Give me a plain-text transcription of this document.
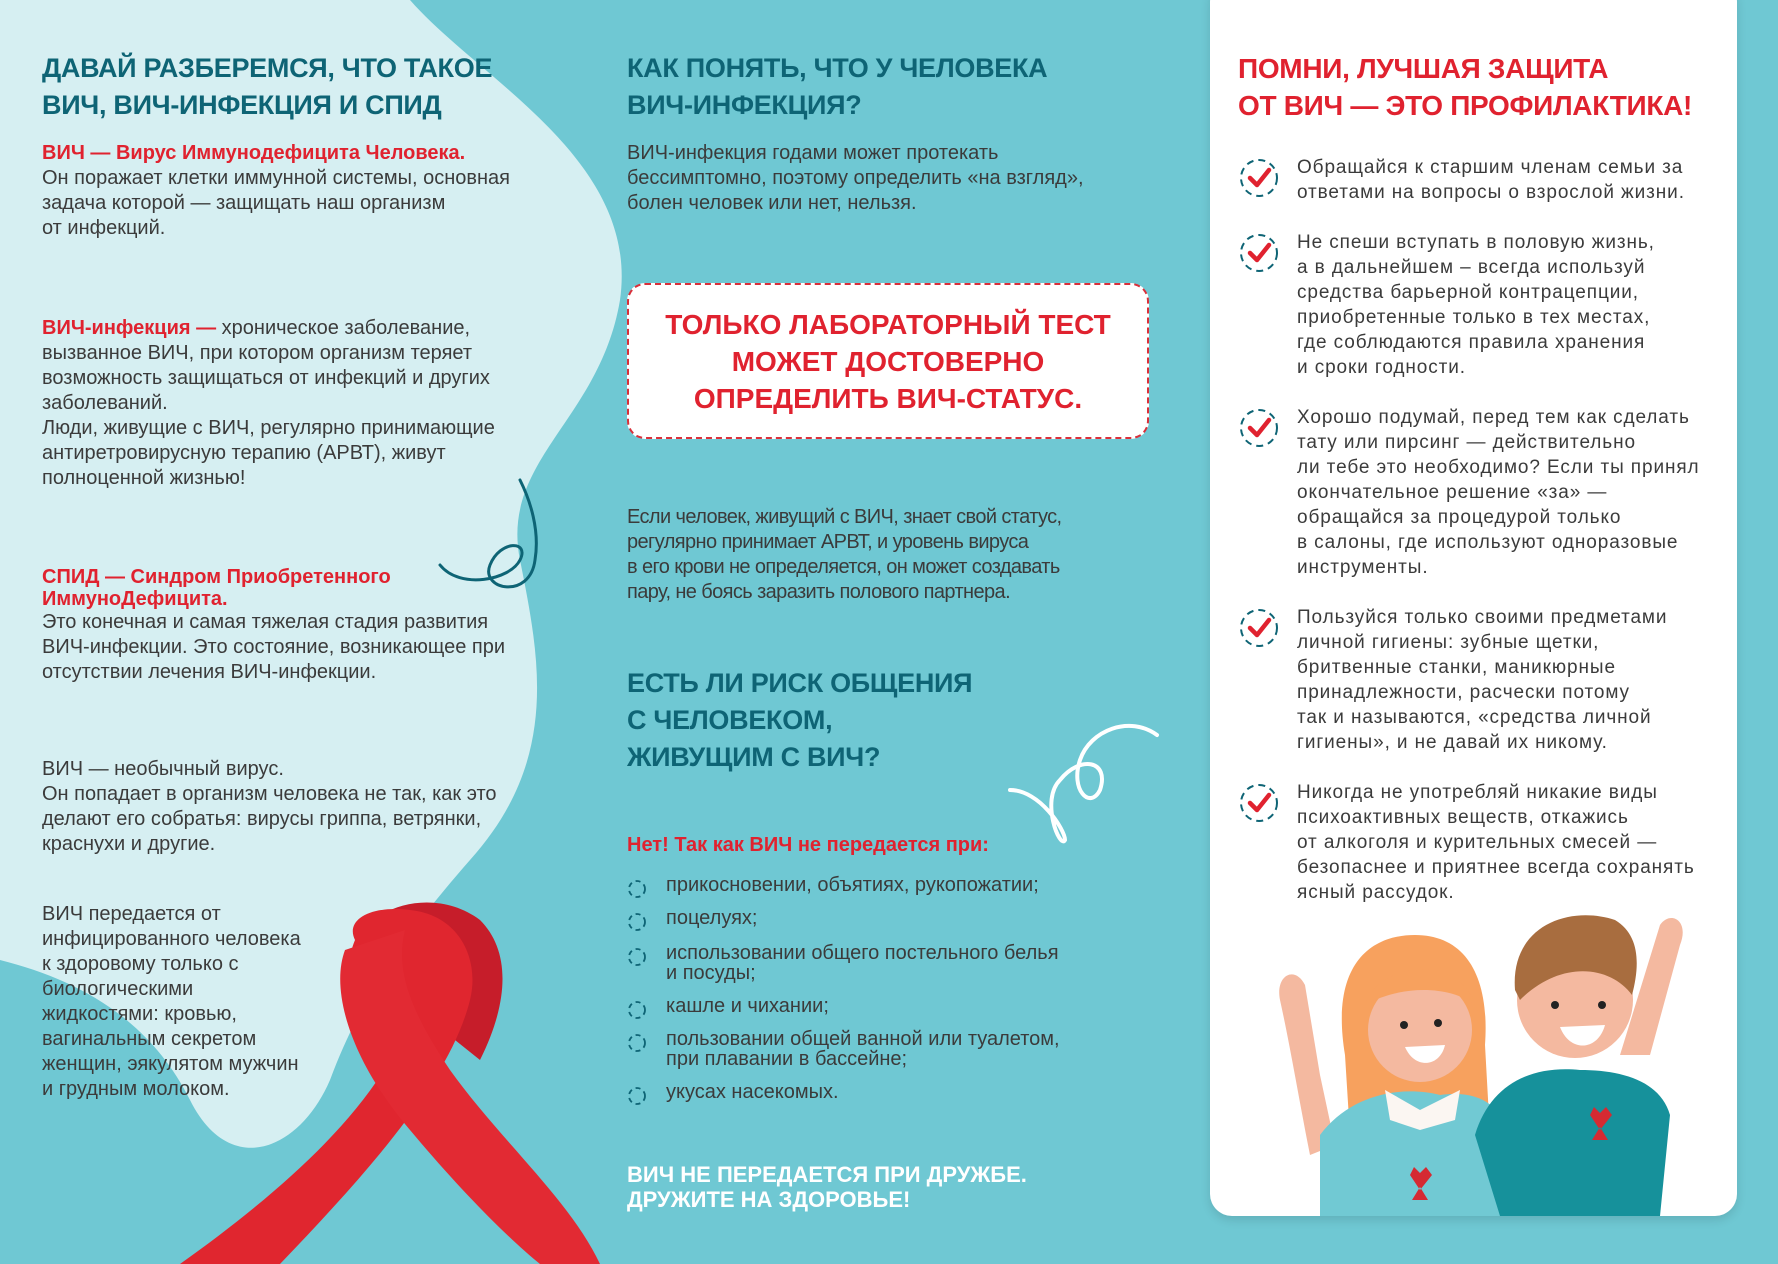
ДАВАЙ РАЗБЕРЕМСЯ, ЧТО ТАКОЕ
ВИЧ, ВИЧ-ИНФЕКЦИЯ И СПИД
ВИЧ — Вирус Иммунодефицита Человека.
Он поражает клетки иммунной системы, основная
задача которой — защищать наш организм
от инфекций.
ВИЧ-инфекция — хроническое заболевание,
вызванное ВИЧ, при котором организм теряет
возможность защищаться от инфекций и других
заболеваний.
Люди, живущие с ВИЧ, регулярно принимающие
антиретровирусную терапию (АРВТ), живут
полноценной жизнью!
СПИД — Синдром Приобретенного
ИммуноДефицита.
Это конечная и самая тяжелая стадия развития
ВИЧ-инфекции. Это состояние, возникающее при
отсутствии лечения ВИЧ-инфекции.
ВИЧ — необычный вирус.
Он попадает в организм человека не так, как это
делают его собратья: вирусы гриппа, ветрянки,
краснухи и другие.
ВИЧ передается от
инфицированного человека
к здоровому только с
биологическими
жидкостями: кровью,
вагинальным секретом
женщин, эякулятом мужчин
и грудным молоком.
КАК ПОНЯТЬ, ЧТО У ЧЕЛОВЕКА
ВИЧ-ИНФЕКЦИЯ?
ВИЧ-инфекция годами может протекать
бессимптомно, поэтому определить «на взгляд»,
болен человек или нет, нельзя.
ТОЛЬКО ЛАБОРАТОРНЫЙ ТЕСТ
МОЖЕТ ДОСТОВЕРНО
ОПРЕДЕЛИТЬ ВИЧ-СТАТУС.
Если человек, живущий с ВИЧ, знает свой статус,
регулярно принимает АРВТ, и уровень вируса
в его крови не определяется, он может создавать
пару, не боясь заразить полового партнера.
ЕСТЬ ЛИ РИСК ОБЩЕНИЯ
С ЧЕЛОВЕКОМ,
ЖИВУЩИМ С ВИЧ?
Нет! Так как ВИЧ не передается при:
прикосновении, объятиях, рукопожатии;
поцелуях;
использовании общего постельного белья
и посуды;
кашле и чихании;
пользовании общей ванной или туалетом,
при плавании в бассейне;
укусах насекомых.
ВИЧ НЕ ПЕРЕДАЕТСЯ ПРИ ДРУЖБЕ.
ДРУЖИТЕ НА ЗДОРОВЬЕ!
ПОМНИ, ЛУЧШАЯ ЗАЩИТА
ОТ ВИЧ — ЭТО ПРОФИЛАКТИКА!
Обращайся к старшим членам семьи за
ответами на вопросы о взрослой жизни.
Не спеши вступать в половую жизнь,
а в дальнейшем – всегда используй
средства барьерной контрацепции,
приобретенные только в тех местах,
где соблюдаются правила хранения
и сроки годности.
Хорошо подумай, перед тем как сделать
тату или пирсинг — действительно
ли тебе это необходимо? Если ты принял
окончательное решение «за» —
обращайся за процедурой только
в салоны, где используют одноразовые
инструменты.
Пользуйся только своими предметами
личной гигиены: зубные щетки,
бритвенные станки, маникюрные
принадлежности, расчески потому
так и называются, «средства личной
гигиены», и не давай их никому.
Никогда не употребляй никакие виды
психоактивных веществ, откажись
от алкоголя и курительных смесей —
безопаснее и приятнее всегда сохранять
ясный рассудок.
